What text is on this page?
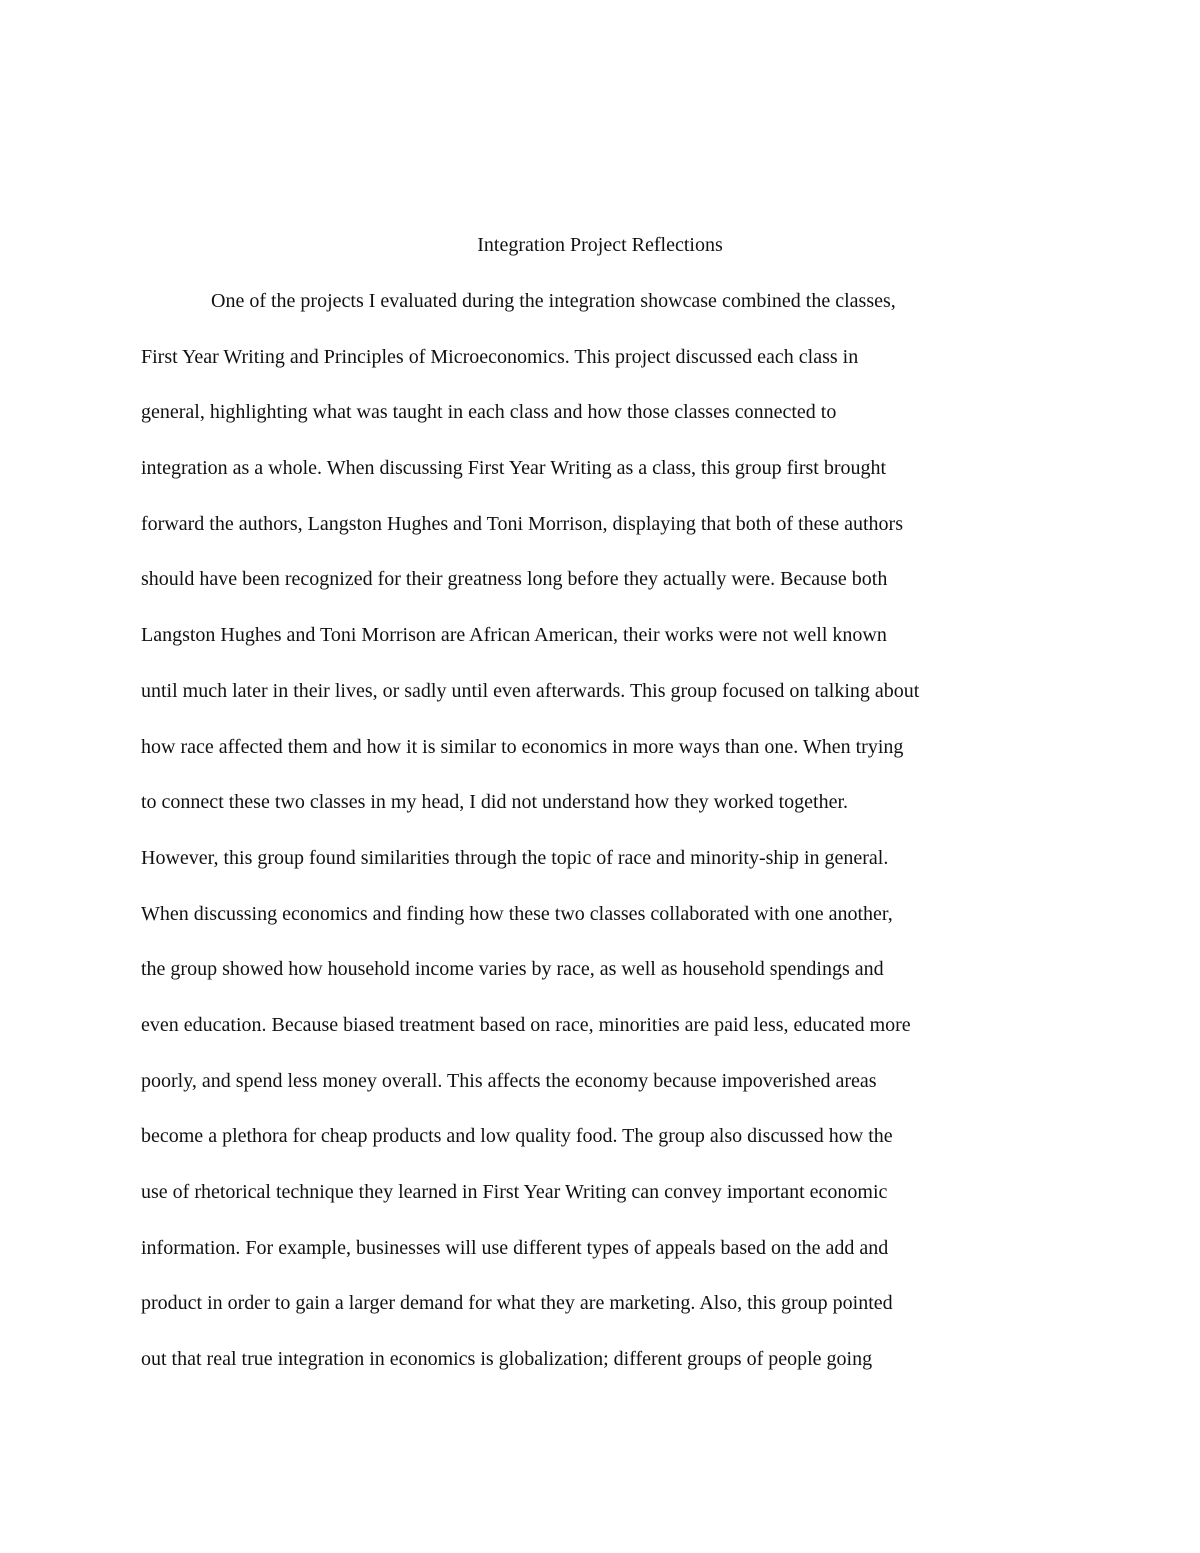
Integration Project Reflections
One of the projects I evaluated during the integration showcase combined the classes,
First Year Writing and Principles of Microeconomics. This project discussed each class in
general, highlighting what was taught in each class and how those classes connected to
integration as a whole. When discussing First Year Writing as a class, this group first brought
forward the authors, Langston Hughes and Toni Morrison, displaying that both of these authors
should have been recognized for their greatness long before they actually were. Because both
Langston Hughes and Toni Morrison are African American, their works were not well known
until much later in their lives, or sadly until even afterwards. This group focused on talking about
how race affected them and how it is similar to economics in more ways than one. When trying
to connect these two classes in my head, I did not understand how they worked together.
However, this group found similarities through the topic of race and minority-ship in general.
When discussing economics and finding how these two classes collaborated with one another,
the group showed how household income varies by race, as well as household spendings and
even education. Because biased treatment based on race, minorities are paid less, educated more
poorly, and spend less money overall. This affects the economy because impoverished areas
become a plethora for cheap products and low quality food. The group also discussed how the
use of rhetorical technique they learned in First Year Writing can convey important economic
information. For example, businesses will use different types of appeals based on the add and
product in order to gain a larger demand for what they are marketing. Also, this group pointed
out that real true integration in economics is globalization; different groups of people going
